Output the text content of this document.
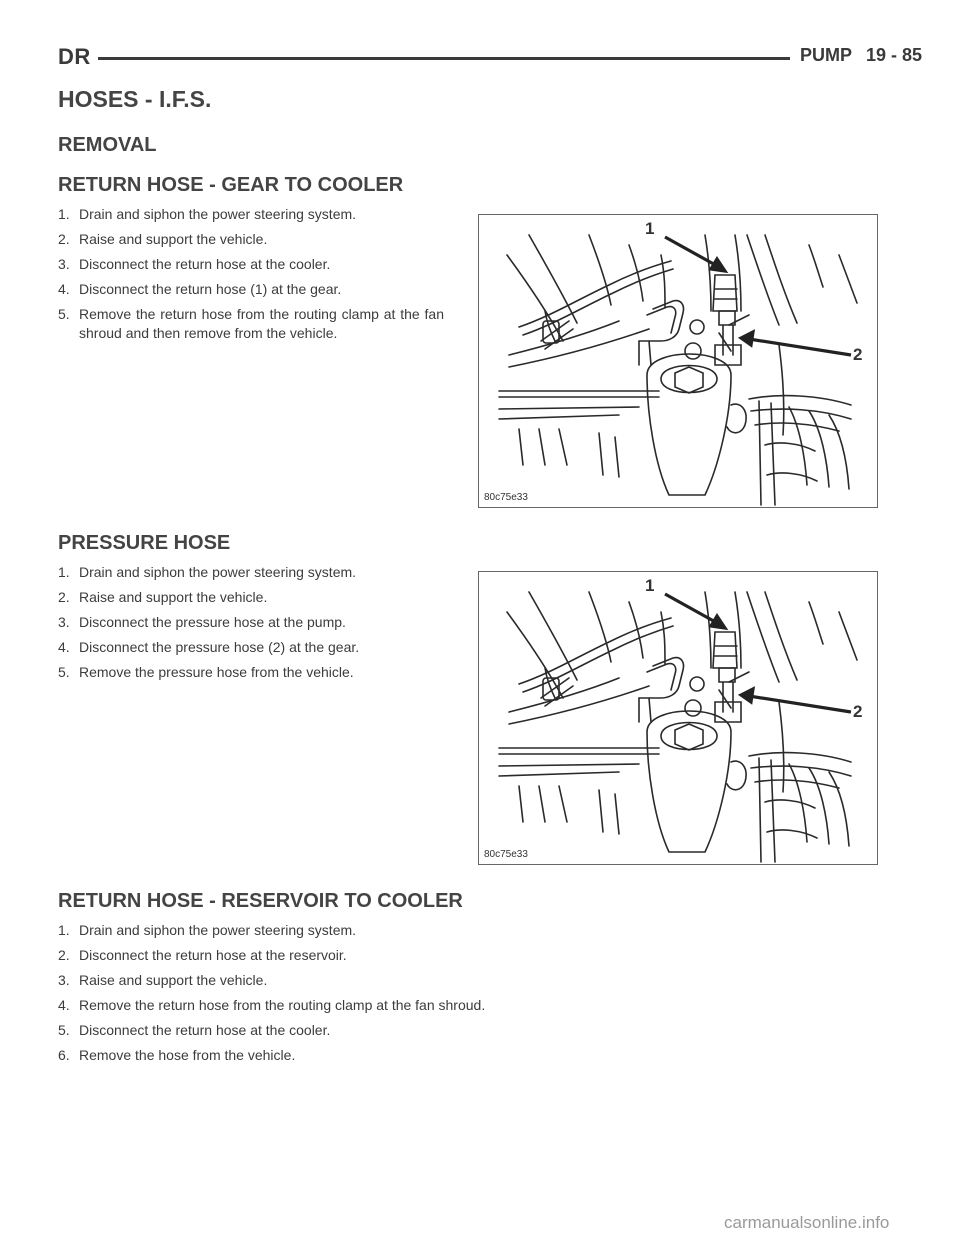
DR	PUMP 19 - 85
HOSES - I.F.S.
REMOVAL
RETURN HOSE - GEAR TO COOLER
1. Drain and siphon the power steering system.
2. Raise and support the vehicle.
3. Disconnect the return hose at the cooler.
4. Disconnect the return hose (1) at the gear.
5. Remove the return hose from the routing clamp at the fan shroud and then remove from the vehicle.
1
2
80c75e33
PRESSURE HOSE
1. Drain and siphon the power steering system.
2. Raise and support the vehicle.
3. Disconnect the pressure hose at the pump.
4. Disconnect the pressure hose (2) at the gear.
5. Remove the pressure hose from the vehicle.
1
2
80c75e33
RETURN HOSE - RESERVOIR TO COOLER
1. Drain and siphon the power steering system.
2. Disconnect the return hose at the reservoir.
3. Raise and support the vehicle.
4. Remove the return hose from the routing clamp at the fan shroud.
5. Disconnect the return hose at the cooler.
6. Remove the hose from the vehicle.
carmanualsonline.info
